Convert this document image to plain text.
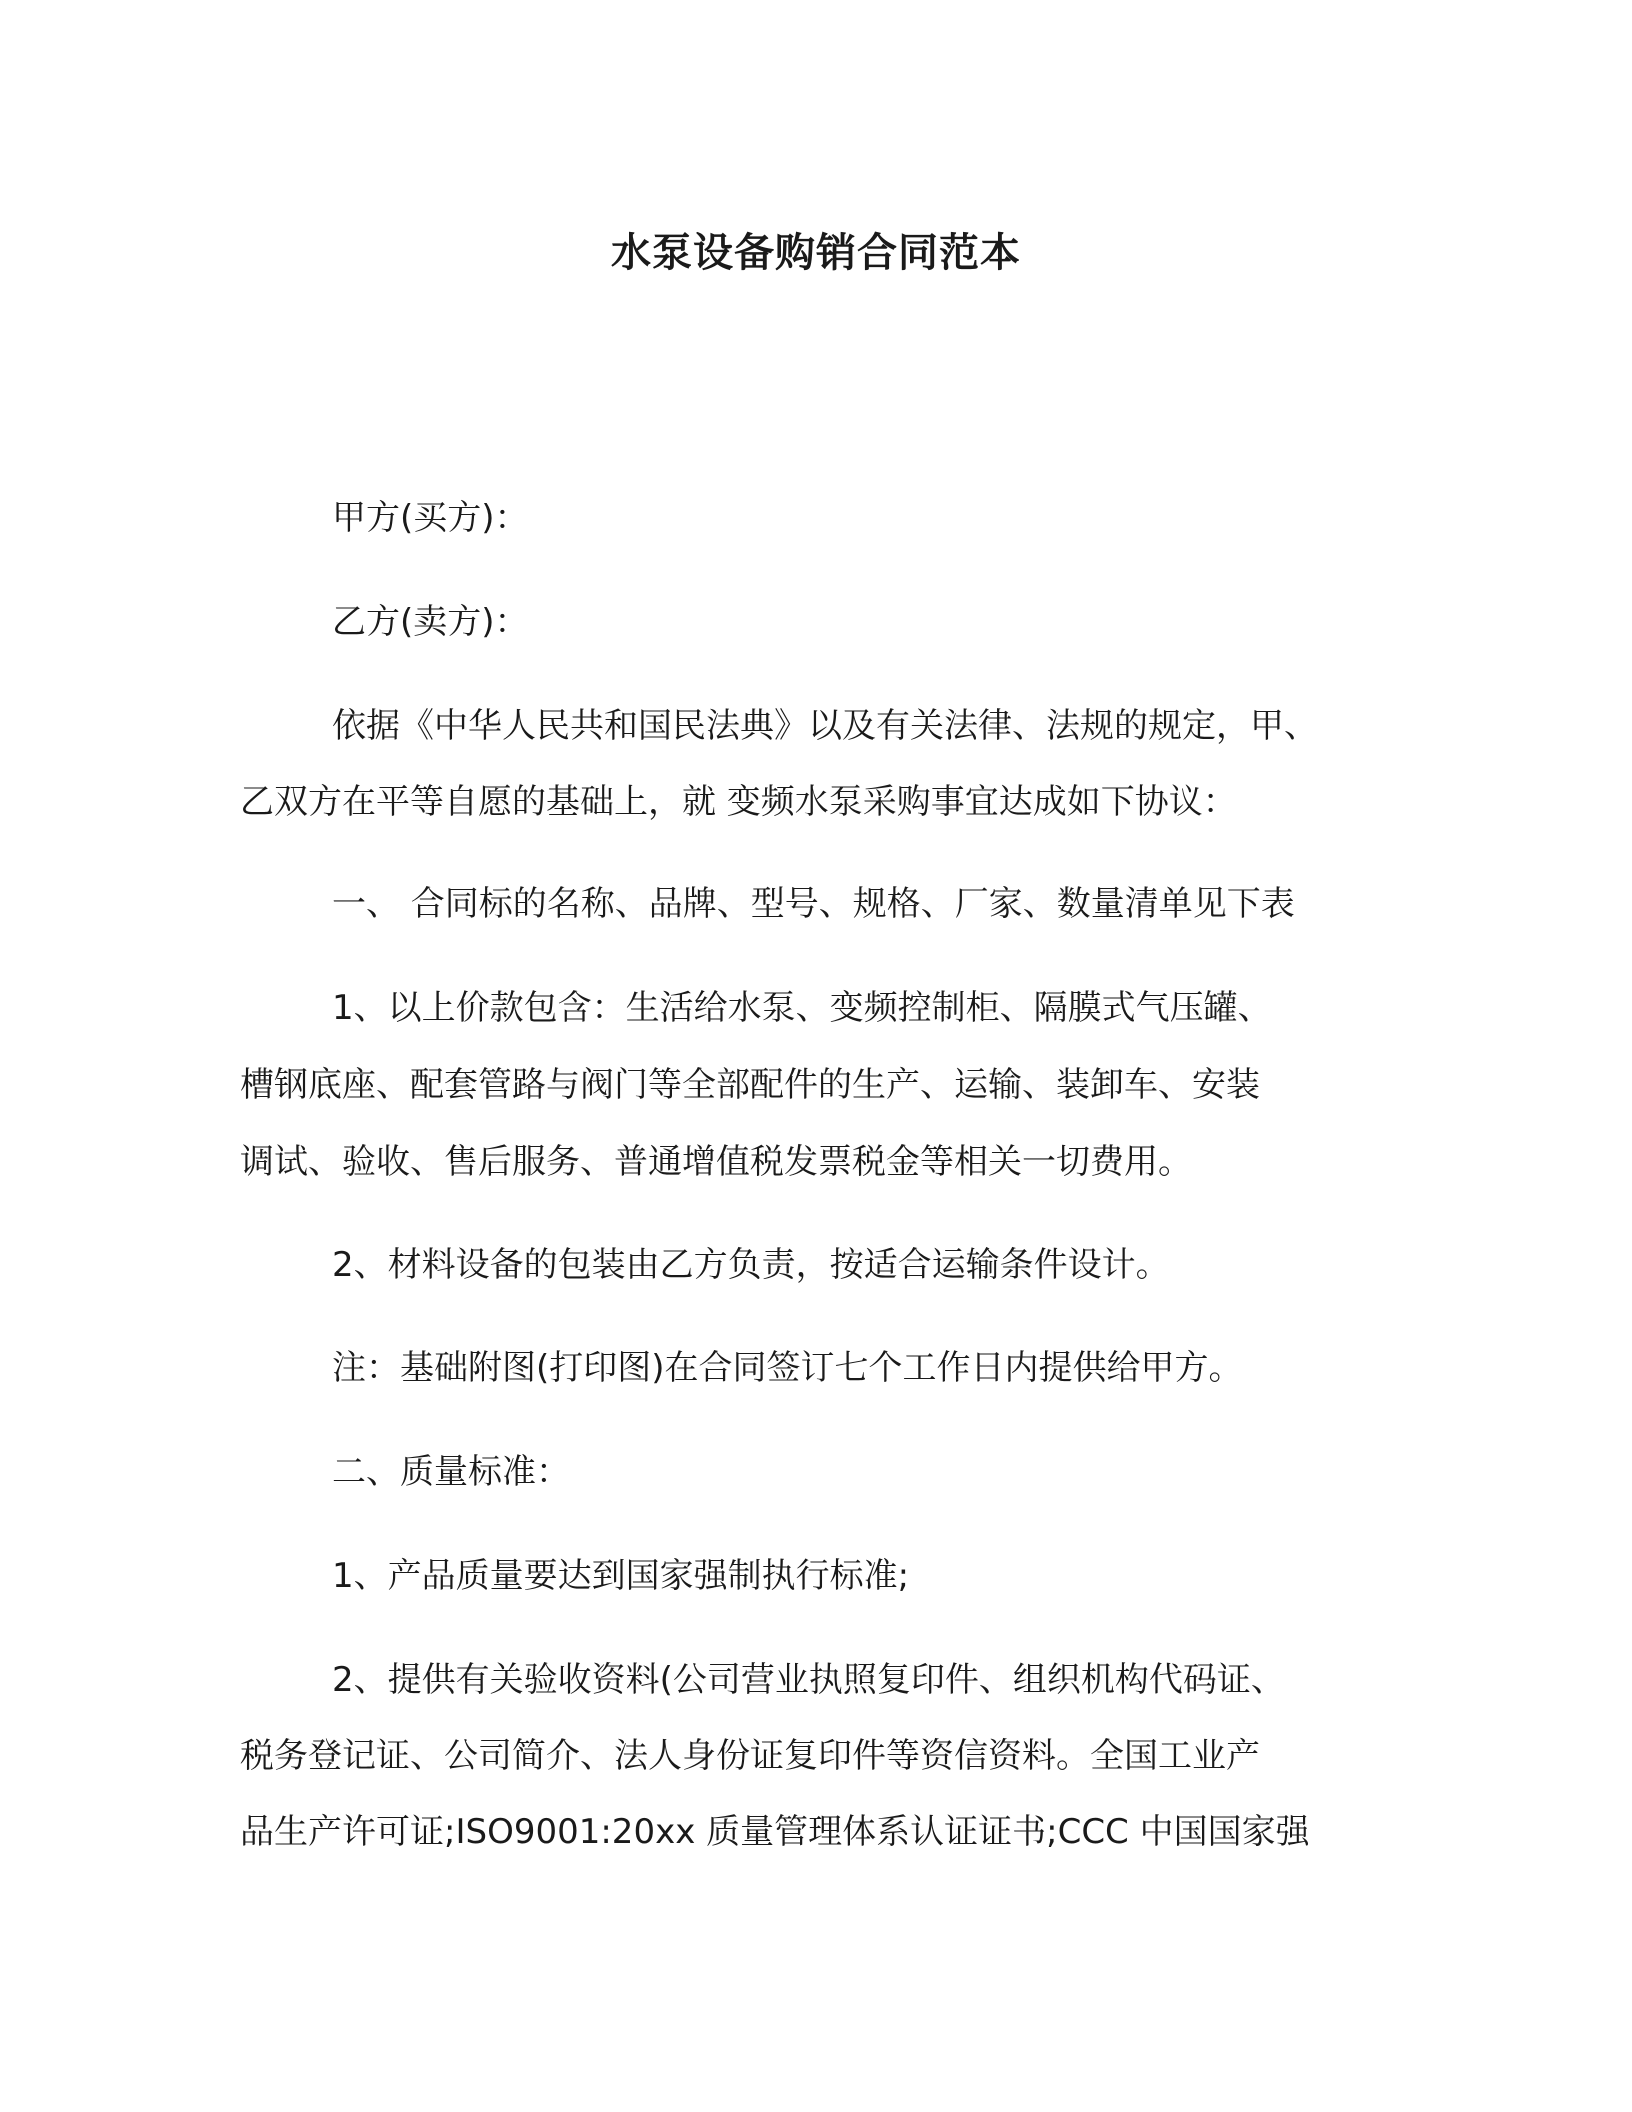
水泵设备购销合同范本
甲方(买方)：
乙方(卖方)：
依据《中华人民共和国民法典》以及有关法律、法规的规定，甲、
乙双方在平等自愿的基础上，就 变频水泵采购事宜达成如下协议：
一、 合同标的名称、品牌、型号、规格、厂家、数量清单见下表
1、以上价款包含：生活给水泵、变频控制柜、隔膜式气压罐、
槽钢底座、配套管路与阀门等全部配件的生产、运输、装卸车、安装
调试、验收、售后服务、普通增值税发票税金等相关一切费用。
2、材料设备的包装由乙方负责，按适合运输条件设计。
注：基础附图(打印图)在合同签订七个工作日内提供给甲方。
二、质量标准：
1、产品质量要达到国家强制执行标准;
2、提供有关验收资料(公司营业执照复印件、组织机构代码证、
税务登记证、公司简介、法人身份证复印件等资信资料。全国工业产
品生产许可证;ISO9001:20xx 质量管理体系认证证书;CCC 中国国家强
